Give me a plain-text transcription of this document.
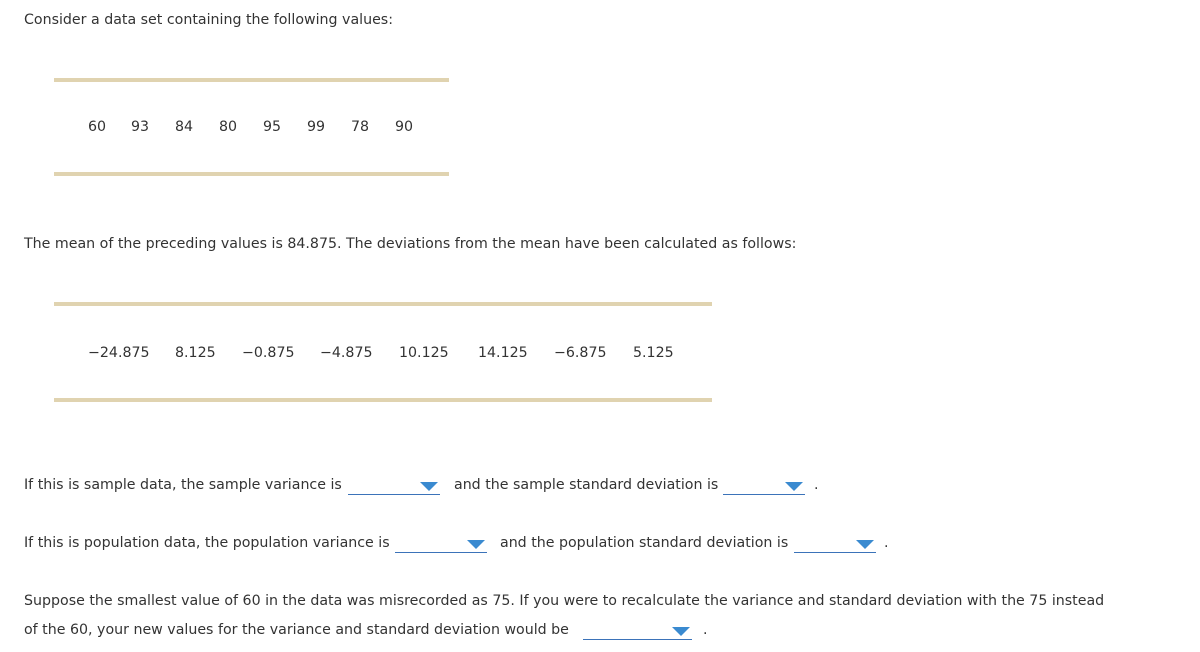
Consider a data set containing the following values:
60 93 84 80 95 99 78 90
The mean of the preceding values is 84.875. The deviations from the mean have been calculated as follows:
−24.875 8.125 −0.875 −4.875 10.125 14.125 −6.875 5.125
If this is sample data, the sample variance is	and the sample standard deviation is	.
If this is population data, the population variance is	and the population standard deviation is	.
Suppose the smallest value of 60 in the data was misrecorded as 75. If you were to recalculate the variance and standard deviation with the 75 instead
of the 60, your new values for the variance and standard deviation would be	.
